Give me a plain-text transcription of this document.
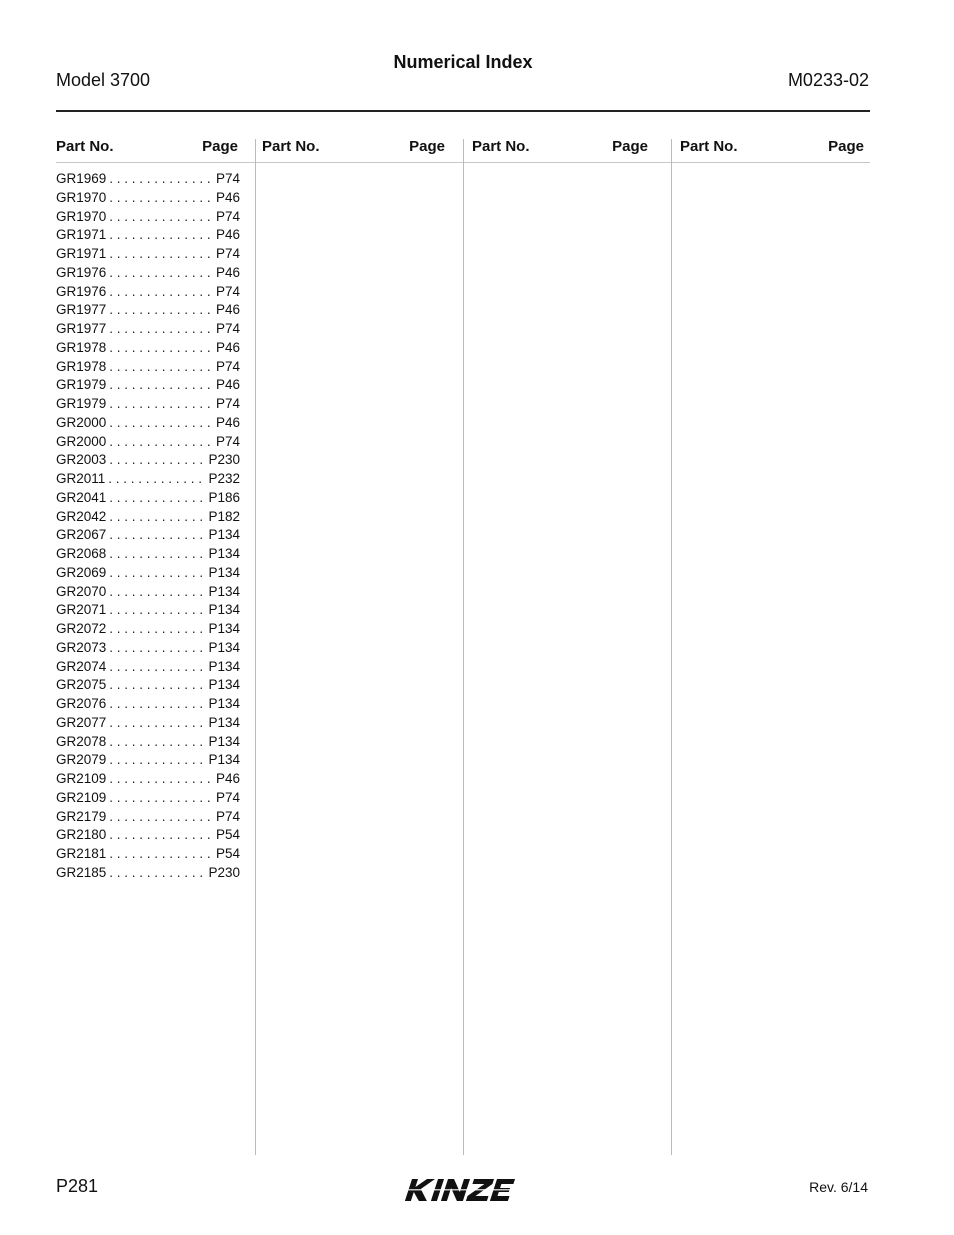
Numerical Index
Model 3700	M0233-02
Part No.	Page Part No.	Page Part No.	Page Part No.	Page
GR1969 . . .	P74
GR1970 . . .	P46
GR1970 . . .	P74
GR1971 . . .	P46
GR1971 . . .	P74
GR1976 . . .	P46
GR1976 . . .	P74
GR1977 . . .	P46
GR1977 . . .	P74
GR1978 . . .	P46
GR1978 . . .	P74
GR1979 . . .	P46
GR1979 . . .	P74
GR2000 . . .	P46
GR2000 . . .	P74
GR2003 . . .	P230
GR2011 . . .	P232
GR2041 . . .	P186
GR2042 . . .	P182
GR2067 . . .	P134
GR2068 . . .	P134
GR2069 . . .	P134
GR2070 . . .	P134
GR2071 . . .	P134
GR2072 . . .	P134
GR2073 . . .	P134
GR2074 . . .	P134
GR2075 . . .	P134
GR2076 . . .	P134
GR2077 . . .	P134
GR2078 . . .	P134
GR2079 . . .	P134
GR2109 . . .	P46
GR2109 . . .	P74
GR2179 . . .	P74
GR2180 . . .	P54
GR2181 . . .	P54
GR2185 . . .	P230
P281	Rev. 6/14
